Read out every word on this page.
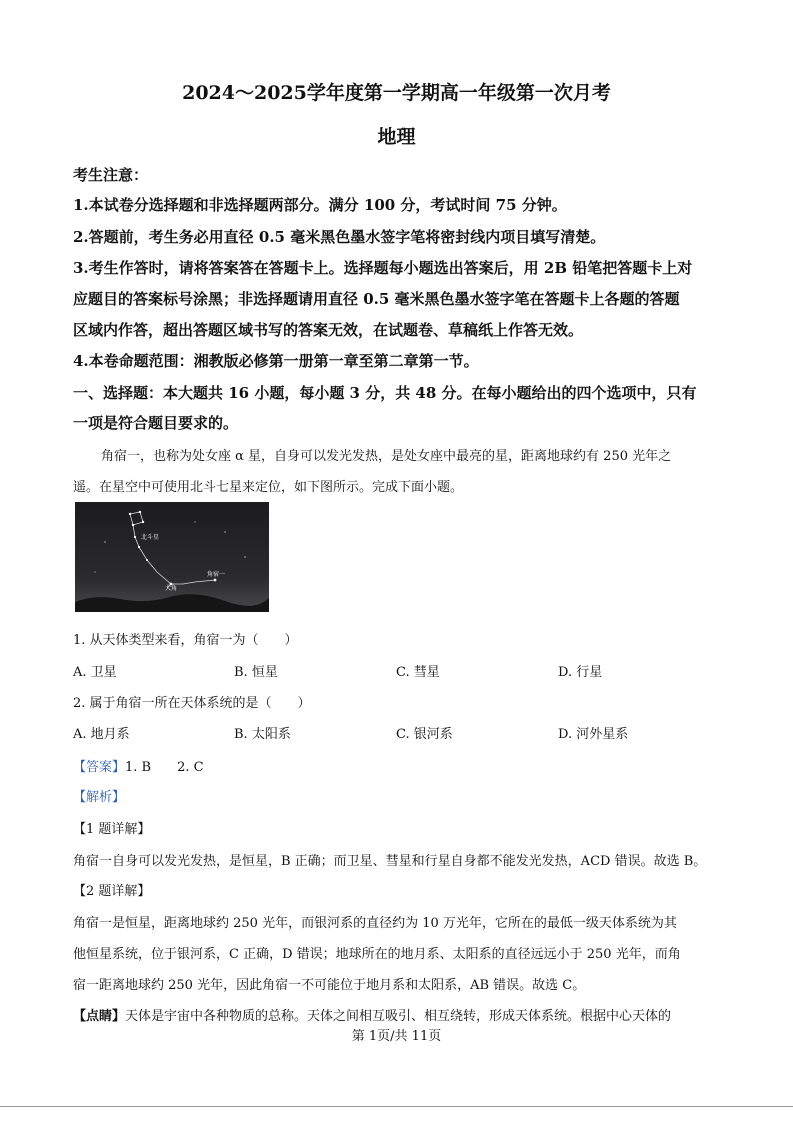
2024～2025学年度第一学期高一年级第一次月考
地理
考生注意：
1.本试卷分选择题和非选择题两部分。满分 100 分，考试时间 75 分钟。
2.答题前，考生务必用直径 0.5 毫米黑色墨水签字笔将密封线内项目填写清楚。
3.考生作答时，请将答案答在答题卡上。选择题每小题选出答案后，用 2B 铅笔把答题卡上对
应题目的答案标号涂黑；非选择题请用直径 0.5 毫米黑色墨水签字笔在答题卡上各题的答题
区域内作答，超出答题区域书写的答案无效，在试题卷、草稿纸上作答无效。
4.本卷命题范围：湘教版必修第一册第一章至第二章第一节。
一、选择题：本大题共 16 小题，每小题 3 分，共 48 分。在每小题给出的四个选项中，只有
一项是符合题目要求的。
角宿一，也称为处女座 α 星，自身可以发光发热，是处女座中最亮的星，距离地球约有 250 光年之
遥。在星空中可使用北斗七星来定位，如下图所示。完成下面小题。
北斗星
大角
角宿一
1. 从天体类型来看，角宿一为（　　）
A. 卫星	B. 恒星	C. 彗星	D. 行星
2. 属于角宿一所在天体系统的是（　　）
A. 地月系	B. 太阳系	C. 银河系	D. 河外星系
【答案】1. B　　2. C
【解析】
【1 题详解】
角宿一自身可以发光发热，是恒星，B 正确；而卫星、彗星和行星自身都不能发光发热，ACD 错误。故选 B。
【2 题详解】
角宿一是恒星，距离地球约 250 光年，而银河系的直径约为 10 万光年，它所在的最低一级天体系统为其
他恒星系统，位于银河系，C 正确，D 错误；地球所在的地月系、太阳系的直径远远小于 250 光年，而角
宿一距离地球约 250 光年，因此角宿一不可能位于地月系和太阳系，AB 错误。故选 C。
【点睛】天体是宇宙中各种物质的总称。天体之间相互吸引、相互绕转，形成天体系统。根据中心天体的
第 1页/共 11页
